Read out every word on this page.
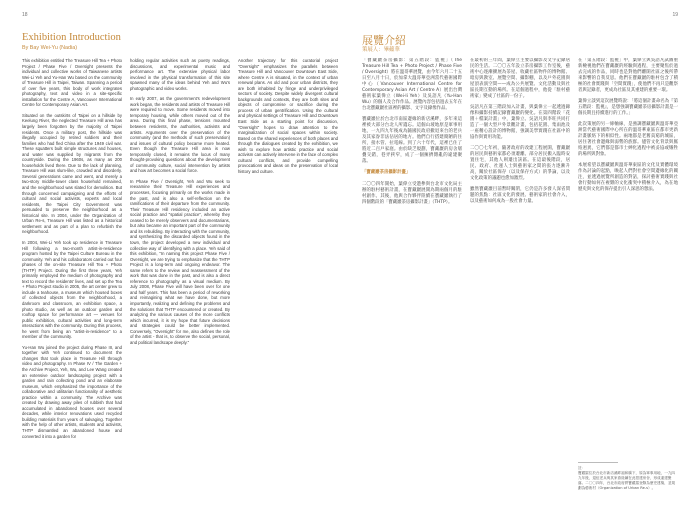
18	19
Exhibition Introduction
By Bay Wei-Yu (Nadia)

This exhibition entitled The Treasure Hill Tea + Photo Project / Phase Five / Oversight presents the individual and collective works of Taiwanese artists Wei-Li Yeh and Yu-Han Wu based on the community of Treasure Hill in Taipei, Taiwan. Spanning a period of over five years, this body of work integrates photography, text and video in a site-specific installation for the Centre A, Vancouver International Centre for Contemporary Asian Art.

Situated on the outskirts of Taipei on a hillside by Keelung River, the neglected Treasure Hill area has largely been forgotten by the majority of Taipei residents. Once a military post, the hillside was illegally occupied by retired soldiers and their families who had fled China after the 1949 civil war. These squatters built simple structures and houses, and water was supplied by migrants from the countryside. During the 1960s, as many as 200 households lived there. Due to the lack of planning, Treasure Hill was slum-like, crowded and disorderly. Several generations came and went, and merely a two-story middle-tower class household remained, and the neighborhood was slated for demolition. But through concerned campaigning and the efforts of cultural and social activists, experts and local residents, the Taipei City Government was persuaded to preserve the neighborhood as a historical site. In 2004, under the Organization of Urban Re-s, Treasure Hill was listed as a historical settlement and as part of a plan to refurbish the neighborhood.

In 2004, Wei-Li Yeh took up residence in Treasure Hill following a two-month artist-in-residence program hosted by the Taipei Culture Bureau in the community. Yeh and his collaborators carried out four phases of the on-site Treasure Hill Tea + Photo (THTP) Project. During the first three years, Yeh primarily employed the medium of photography and text to record the residents' lives, and set up the Tea + Photo Project studio in 2005, the art center grew to include a teahouse, a museum which housed boxes of collected objects from the neighborhood, a darkroom and classroom, an exhibition space, a photo studio, as well as an outdoor garden and rooftop space for performance art — venues for public exhibition, cultural activities and long-term interactions with the community. During this process, he went from being an "artist-in-residence" to a member of the community.

Yu-Han Wu joined the project during Phase III, and together with Yeh continued to document the changes that took place in Treasure Hill through video and photography. In Phase IV / The Garden + the Archive Project, Yeh, Wu, and Lee Wang created an extensive outdoor landscaping project with a garden and rain collecting pond and an elaborate museum, which emphasized the importance of the collaborative and utilitarian functionality of aesthetic practice within a community. The Archive was created by drawing away piles of rubbish that had accumulated in abandoned houses over several decades, while interior renovations used recycled building materials from years of salvaging. Together with the help of other artists, students and activists, THTP dismantled an abandoned house and converted it into a garden for

holding regular activities such as poetry readings, discussions, and experimental music and performance art. The extensive physical labor involved in the physical transformation of this site spawned many of the ideas behind Yeh and Wu's photographic and video works.

In early 2007, as the government's redevelopment work began, the residents and artists of Treasure Hill were required to move. Some residents moved into temporary housing, while others moved out of the area. During this final phase, tensions mounted between residents, the authorities, activists and artists. Arguments over the preservation of the community (and the methods of such preservation) and issues of cultural policy became more heated. Even though the Treasure Hill area is now temporarily closed, it remains the locus of many thought-provoking questions about the development of community culture, social intervention by artists and how art becomes a social force.

In Phase Five / Oversight, Yeh and Wu seek to reexamine their Treasure Hill experiences and processes, focusing primarily on the works made in the past, and is also a self-reflection on the ramifications of their departure from the community. Their Treasure Hill residency included an active social practice and "spatial practice", whereby they ceased to be merely observers and documentarians, but also became an important part of the community and its rebuilding. By interacting with the community, and synthesizing the discarded objects found in the town, the project developed a new individual and collective way of identifying with a place. Yeh said of this exhibition, "In naming this project Phase Five / Oversight, we are trying to emphasize that the THTP Project is a long-term and ongoing endeavor. The same refers to the review and reassessment of the work that was done in the past, and is also a direct reference to photography as a visual medium. By July 2008, Phase Five will have been over for one and half years. This has been a period of reworking and reimagining what we have done, but more importantly, realizing and defining the problems and the solutions that THTP encountered or created. By analyzing the various causes of the more conflicts which incurred, it is my hope that future decisions and strategies could be better implemented. Conversely, "Oversight" for me, also defines the role of the artist - that is, to observe the social, personal, and political landscape deeply."

Another trajectory for this curatorial project "Oversight" emphasizes the parallels between Treasure Hill and Vancouver Downtown East Side, where Centre A is situated, in the context of urban renewal plans. As old and poor urban districts, they are both inhabited by fringe and underprivileged sectors of society. Despite widely divergent cultural backgrounds and contexts, they are both sites and objects of compromise or sacrifice during the process of urban gentrification. Using the cultural and physical settings of Treasure Hill and Downtown East Side as a starting point for discussion, "Oversight" hopes to draw attention to the marginalization of social spaces within society. Based on the shared experiences of both places and through the dialogues created by the exhibition, we wish to explore how artistic practice and social activism can actively intervene in the face of complex cultural conflicts, and provide compelling provocations and ideas on the preservation of local history and culture.

展覽介紹
策展人：畢蘊華

「寶藏巖茶房攝影：第五階段：監視」（The Treasure Hill Tea + Photo Project / Phase Five / Oversight）將在溫哥華展覽，由今年六月二十五日至八月十日，於加拿大溫哥華亞洲當代藝術國際中心（Vancouver International Centre for Contemporary Asian Art / Centre A）展出台灣藝術家葉偉立（Wei-li Yeh）及吳語凡（Yu-Han Wu）的個人及合作作品。展覽內容包括過去五年在台北寶藏巖社區裡的攝影、文字及錄像作品。

寶藏巖位於台北市南區邊緣的新店溪畔，多年來這裡被大部分台北人所遺忘。這個山坡地原是軍事用地，一九四九年後成為隨國民政府撤退來台的老兵及其家眷非法佔居的地方。他們自行搭建簡陋的住所，接水管、拉電線。到了六十年代，這裡已住了將近二百戶家庭。由於缺乏規劃，寶藏巖的房舍層疊交錯，巷弄狹窄，成了一個擁擠雜亂的違建聚落。

「寶藏巖茶房攝影計畫」

二〇〇四年開始，葉偉立受邀參與台北市文化局主辦的駐村藝術計畫，在寶藏巖展開為期兩個月的駐村創作。其後，他與合作夥伴陸續在寶藏巖執行了四個階段的「寶藏巖茶房攝影計畫」（THTP）。

在最初的三年間，葉偉立主要以攝影及文字記錄居民的生活。二〇〇五年設立茶房攝影工作室後，藝術中心逐漸擴展為茶屋、收藏社區物件的博物館、暗房與教室、展覽空間、攝影棚，以及戶外花園與屋頂表演空間——成為公共展覽、文化活動及與社區長期互動的場所。在這個過程中，他從「駐村藝術家」變成了社區的一份子。

吳語凡在第三階段加入計畫，與葉偉立一起透過錄像和攝影持續記錄寶藏巖的變化。在第四階段「花園＋檔案計畫」中，葉偉立、吳語凡與李旺共同打造了一個大型戶外景觀計畫，包括花園、集雨池及一座精心設計的博物館，強調美學實踐在社區中的協作與實用功能。

二〇〇七年初，隨著政府的改建工程展開，寶藏巖的居民與藝術家都必須遷離。部分居民搬入臨時安置住宅，其他人則遷出該區。在這最後階段，居民、政府、社運人士與藝術家之間的張力逐漸升高，關於社區保存（以及保存方式）的爭論，以及文化政策的議題也愈加激烈。

雖然寶藏巖目前暫時關閉，它仍是許多發人深省問題的焦點：社區文化的發展、藝術家的社會介入，以及藝術如何成為一股社會力量。

在「第五階段：監視」中，葉偉立與吳語凡試圖重新檢視他們在寶藏巖的經驗與過程，主要聚焦於過去完成的作品，同時也是對他們離開社區之後所帶來影響的自我反思。他們在寶藏巖的駐村包含了積極的社會實踐與「空間實踐」，使他們不再只是觀察者與記錄者，更成為社區及其重建的重要一環。

葉偉立談到這次展覽時說：「將這個計畫命名為『第五階段：監視』，是想強調寶藏巖茶房攝影計畫是一個長期且持續進行的工作。」

此次策展的另一條軸線，是強調寶藏巖與溫哥華亞洲當代藝術國際中心所在的溫哥華東區在都市更新計畫脈絡下的相似性。兩地都是老舊貧窮的城區，居住著社會邊緣與弱勢的族群。儘管文化背景與脈絡迥異，它們都是都市士紳化過程中被妥協或犧牲的場所與對象。

本展希望以寶藏巖與溫哥華東區的文化及實體環境作為討論的起點，喚起人們對社會空間邊緣化的關注，並透過展覽所創造的對話，探討藝術實踐與社會行動如何在複雜的文化衝突中積極介入，為在地歷史與文化的保存提出引人深思的想法。

註：
寶藏巖位於台北市新店溪畔福和橋下，原為軍事用地，一九四九年後，退伍老兵與其家眷陸續在此搭建房舍，形成違建聚落。二〇〇四年，台北市政府將寶藏巖登錄為歷史建築，並規劃為藝術村（Organization of Urban Re-s）。
